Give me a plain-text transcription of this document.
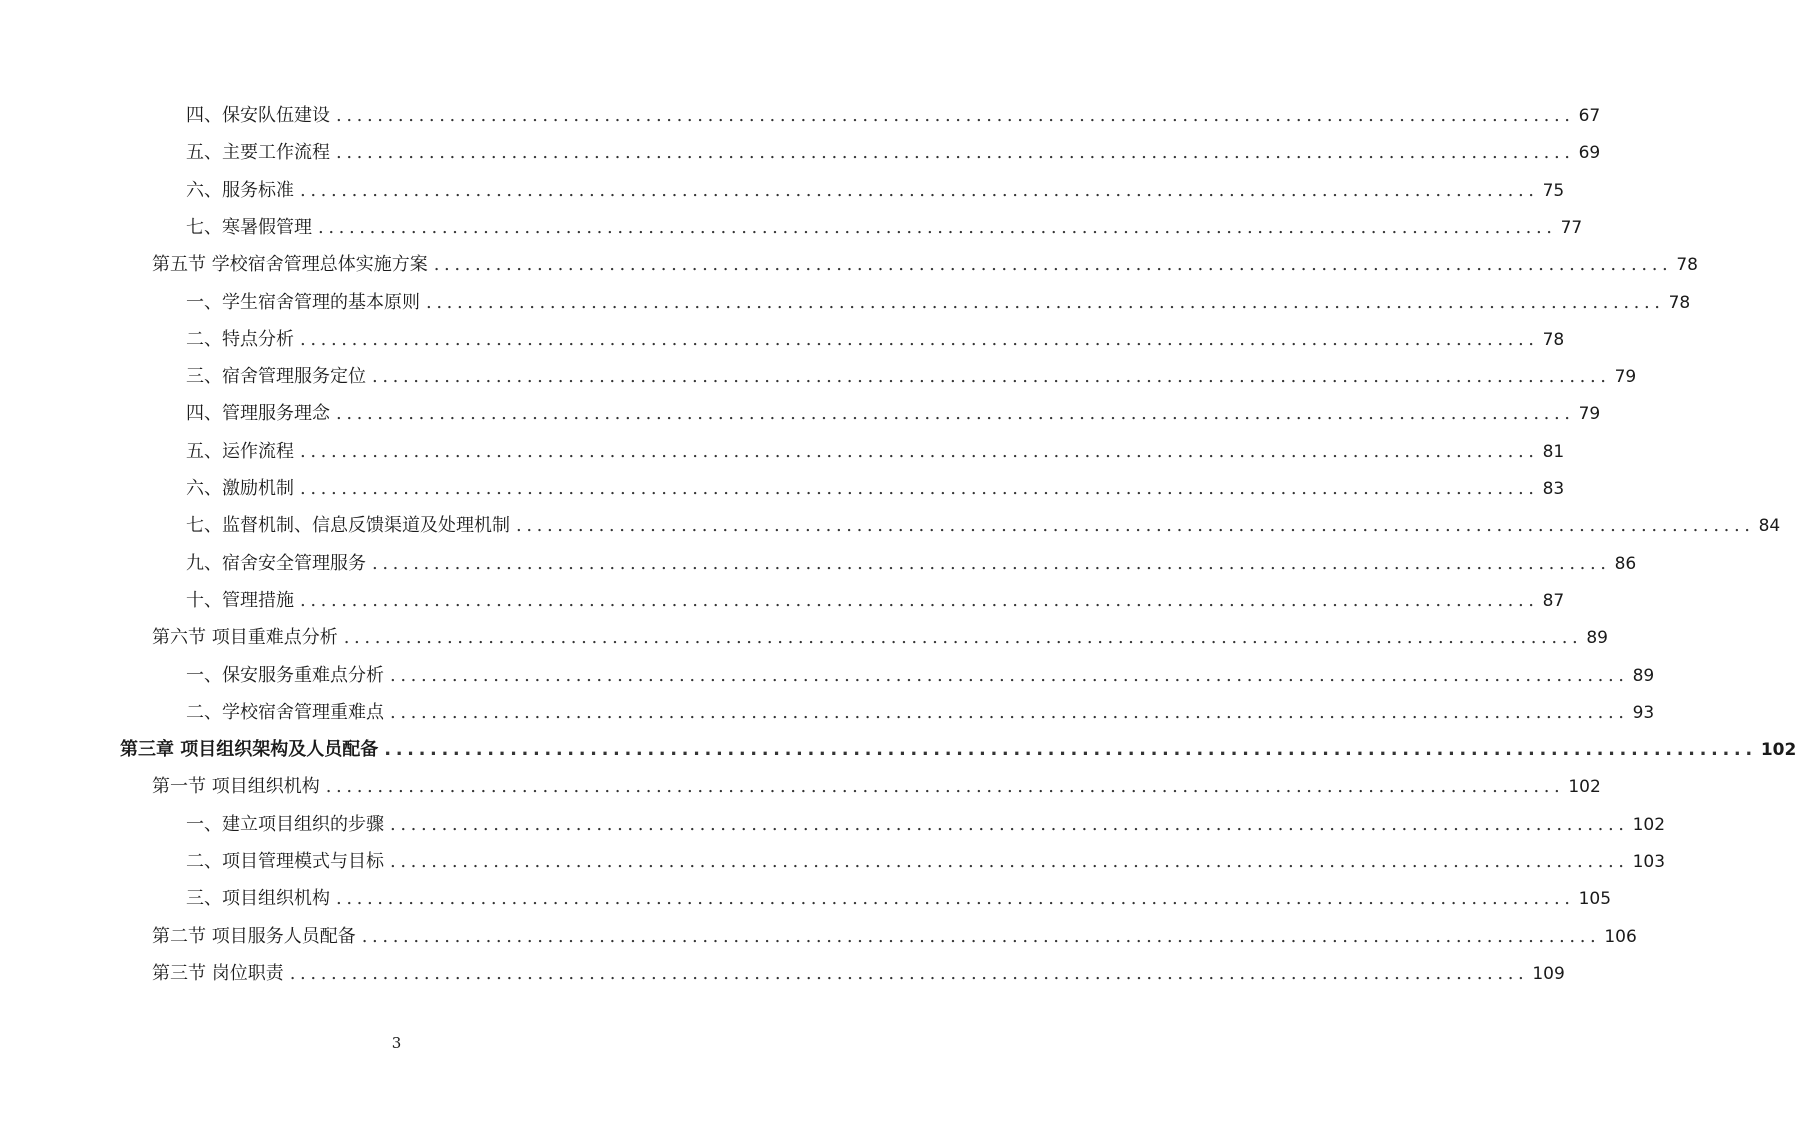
四、保安队伍建设 ........................................................................................................................ 67
五、主要工作流程 ........................................................................................................................ 69
六、服务标准 ........................................................................................................................ 75
七、寒暑假管理 ........................................................................................................................ 77
第五节 学校宿舍管理总体实施方案 ........................................................................................................................ 78
一、学生宿舍管理的基本原则 ........................................................................................................................ 78
二、特点分析 ........................................................................................................................ 78
三、宿舍管理服务定位 ........................................................................................................................ 79
四、管理服务理念 ........................................................................................................................ 79
五、运作流程 ........................................................................................................................ 81
六、激励机制 ........................................................................................................................ 83
七、监督机制、信息反馈渠道及处理机制 ........................................................................................................................ 84
九、宿舍安全管理服务 ........................................................................................................................ 86
十、管理措施 ........................................................................................................................ 87
第六节 项目重难点分析 ........................................................................................................................ 89
一、保安服务重难点分析 ........................................................................................................................ 89
二、学校宿舍管理重难点 ........................................................................................................................ 93
第三章 项目组织架构及人员配备 ........................................................................................................................ 102
第一节 项目组织机构 ........................................................................................................................ 102
一、建立项目组织的步骤 ........................................................................................................................ 102
二、项目管理模式与目标 ........................................................................................................................ 103
三、项目组织机构 ........................................................................................................................ 105
第二节 项目服务人员配备 ........................................................................................................................ 106
第三节 岗位职责 ........................................................................................................................ 109
3
